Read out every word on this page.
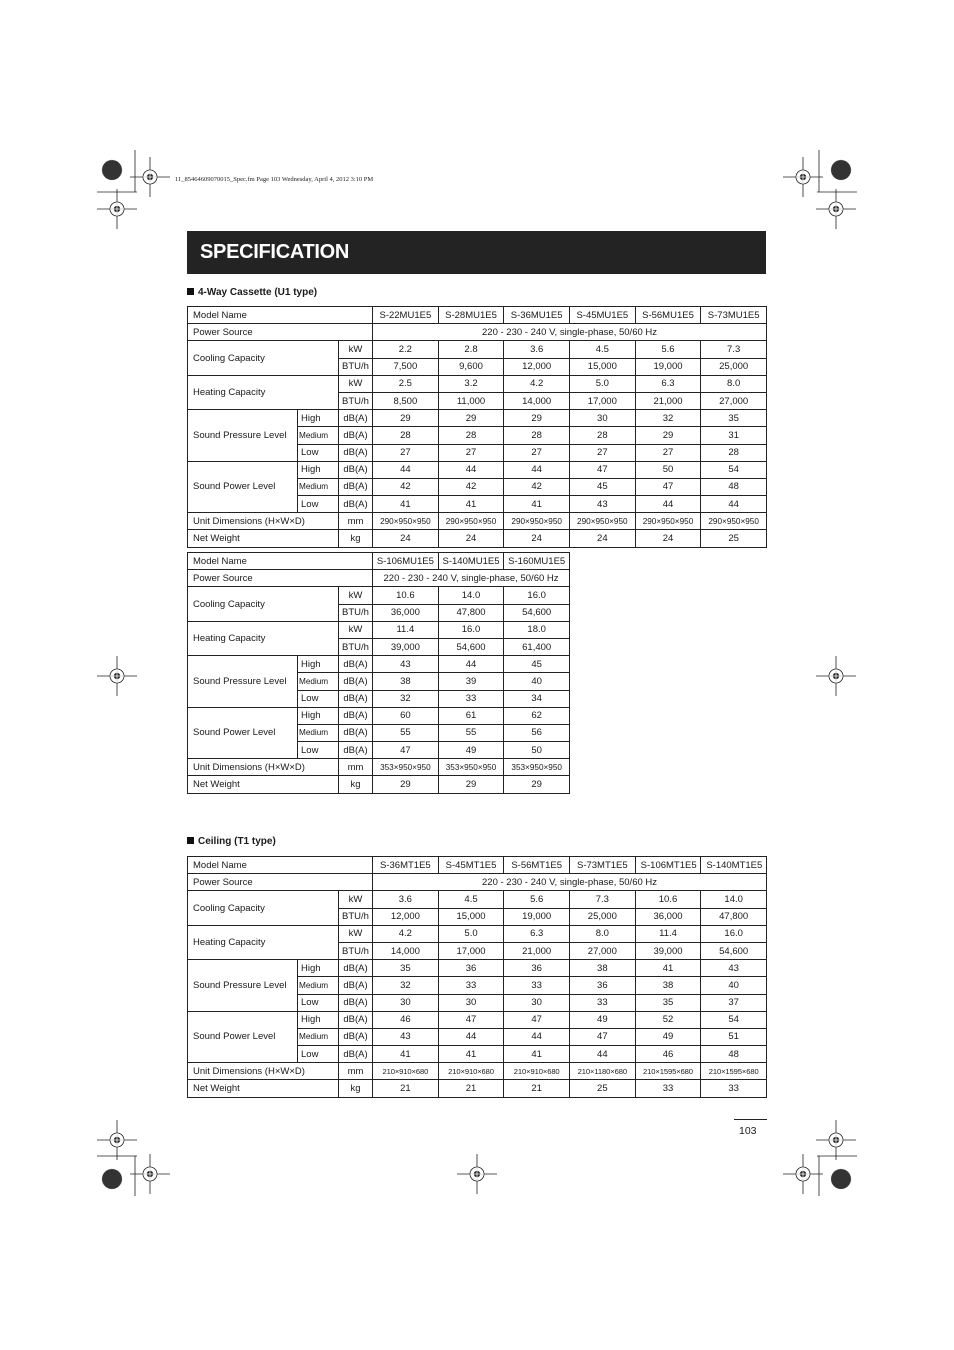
11_85464609070015_Spec.fm Page 103 Wednesday, April 4, 2012 3:10 PM
SPECIFICATION
4-Way Cassette (U1 type)
Model Name			S-22MU1E5	S-28MU1E5	S-36MU1E5	S-45MU1E5	S-56MU1E5	S-73MU1E5
Power Source			220 - 230 - 240 V, single-phase, 50/60 Hz					
Cooling Capacity		kW	2.2	2.8	3.6	4.5	5.6	7.3
		BTU/h	7,500	9,600	12,000	15,000	19,000	25,000
Heating Capacity		kW	2.5	3.2	4.2	5.0	6.3	8.0
		BTU/h	8,500	11,000	14,000	17,000	21,000	27,000
Sound Pressure Level	High	dB(A)	29	29	29	30	32	35
	Medium	dB(A)	28	28	28	28	29	31
	Low	dB(A)	27	27	27	27	27	28
Sound Power Level	High	dB(A)	44	44	44	47	50	54
	Medium	dB(A)	42	42	42	45	47	48
	Low	dB(A)	41	41	41	43	44	44
Unit Dimensions (H×W×D)		mm	290×950×950	290×950×950	290×950×950	290×950×950	290×950×950	290×950×950
Net Weight		kg	24	24	24	24	24	25
Model Name			S-106MU1E5	S-140MU1E5	S-160MU1E5
Power Source			220 - 230 - 240 V, single-phase, 50/60 Hz		
Cooling Capacity		kW	10.6	14.0	16.0
		BTU/h	36,000	47,800	54,600
Heating Capacity		kW	11.4	16.0	18.0
		BTU/h	39,000	54,600	61,400
Sound Pressure Level	High	dB(A)	43	44	45
	Medium	dB(A)	38	39	40
	Low	dB(A)	32	33	34
Sound Power Level	High	dB(A)	60	61	62
	Medium	dB(A)	55	55	56
	Low	dB(A)	47	49	50
Unit Dimensions (H×W×D)		mm	353×950×950	353×950×950	353×950×950
Net Weight		kg	29	29	29
Ceiling (T1 type)
Model Name			S-36MT1E5	S-45MT1E5	S-56MT1E5	S-73MT1E5	S-106MT1E5	S-140MT1E5
Power Source			220 - 230 - 240 V, single-phase, 50/60 Hz					
Cooling Capacity		kW	3.6	4.5	5.6	7.3	10.6	14.0
		BTU/h	12,000	15,000	19,000	25,000	36,000	47,800
Heating Capacity		kW	4.2	5.0	6.3	8.0	11.4	16.0
		BTU/h	14,000	17,000	21,000	27,000	39,000	54,600
Sound Pressure Level	High	dB(A)	35	36	36	38	41	43
	Medium	dB(A)	32	33	33	36	38	40
	Low	dB(A)	30	30	30	33	35	37
Sound Power Level	High	dB(A)	46	47	47	49	52	54
	Medium	dB(A)	43	44	44	47	49	51
	Low	dB(A)	41	41	41	44	46	48
Unit Dimensions (H×W×D)		mm	210×910×680	210×910×680	210×910×680	210×1180×680	210×1595×680	210×1595×680
Net Weight		kg	21	21	21	25	33	33
103
